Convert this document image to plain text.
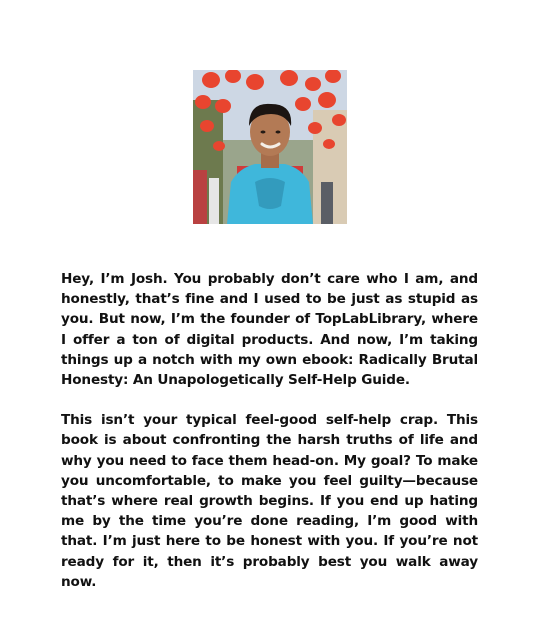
Hey, I’m Josh. You probably don’t care who I am, and honestly, that’s fine and I used to be just as stupid as you. But now, I’m the founder of TopLabLibrary, where I offer a ton of digital products. And now, I’m taking things up a notch with my own ebook: Radically Brutal Honesty: An Unapologetically Self-Help Guide.

This isn’t your typical feel-good self-help crap. This book is about confronting the harsh truths of life and why you need to face them head-on. My goal? To make you uncomfortable, to make you feel guilty—because that’s where real growth begins. If you end up hating me by the time you’re done reading, I’m good with that. I’m just here to be honest with you. If you’re not ready for it, then it’s probably best you walk away now.
